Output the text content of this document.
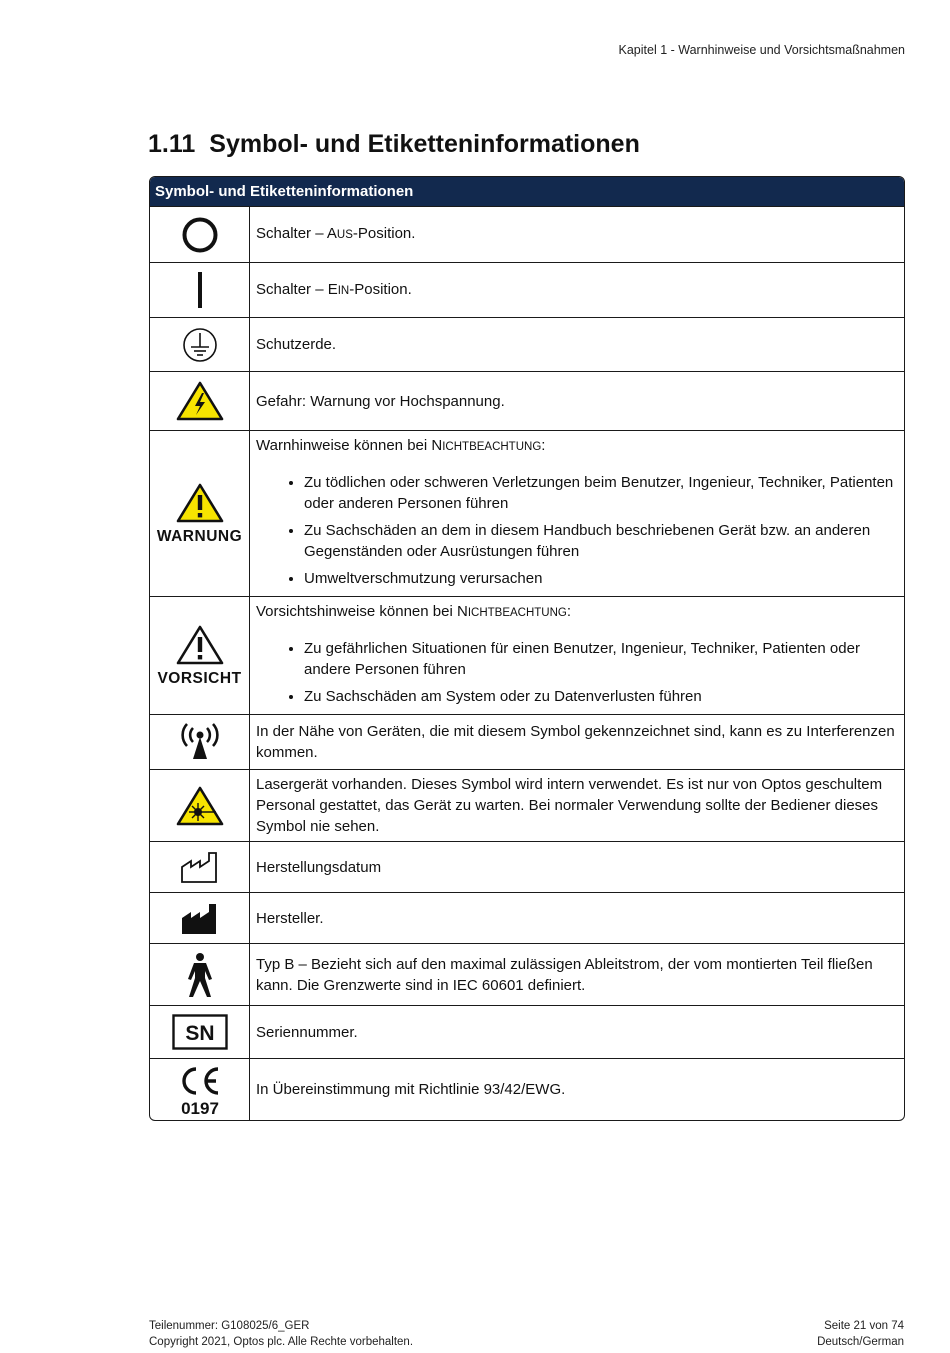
Kapitel 1 - Warnhinweise und Vorsichtsmaßnahmen
1.11 Symbol- und Etiketteninformationen
Symbol- und Etiketteninformationen
Schalter – AUS-Position.
Schalter – EIN-Position.
Schutzerde.
Gefahr: Warnung vor Hochspannung.
WARNUNG
Warnhinweise können bei NICHTBEACHTUNG:
• Zu tödlichen oder schweren Verletzungen beim Benutzer, Ingenieur, Techniker, Patienten oder anderen Personen führen
• Zu Sachschäden an dem in diesem Handbuch beschriebenen Gerät bzw. an anderen Gegenständen oder Ausrüstungen führen
• Umweltverschmutzung verursachen
VORSICHT
Vorsichtshinweise können bei NICHTBEACHTUNG:
• Zu gefährlichen Situationen für einen Benutzer, Ingenieur, Techniker, Patienten oder andere Personen führen
• Zu Sachschäden am System oder zu Datenverlusten führen
In der Nähe von Geräten, die mit diesem Symbol gekennzeichnet sind, kann es zu Interferenzen kommen.
Lasergerät vorhanden. Dieses Symbol wird intern verwendet. Es ist nur von Optos geschultem Personal gestattet, das Gerät zu warten. Bei normaler Verwendung sollte der Bediener dieses Symbol nie sehen.
Herstellungsdatum
Hersteller.
Typ B – Bezieht sich auf den maximal zulässigen Ableitstrom, der vom montierten Teil fließen kann. Die Grenzwerte sind in IEC 60601 definiert.
SN	Seriennummer.
0197
In Übereinstimmung mit Richtlinie 93/42/EWG.
Teilenummer: G108025/6_GER
Copyright 2021, Optos plc. Alle Rechte vorbehalten.
Seite 21 von 74
Deutsch/German
